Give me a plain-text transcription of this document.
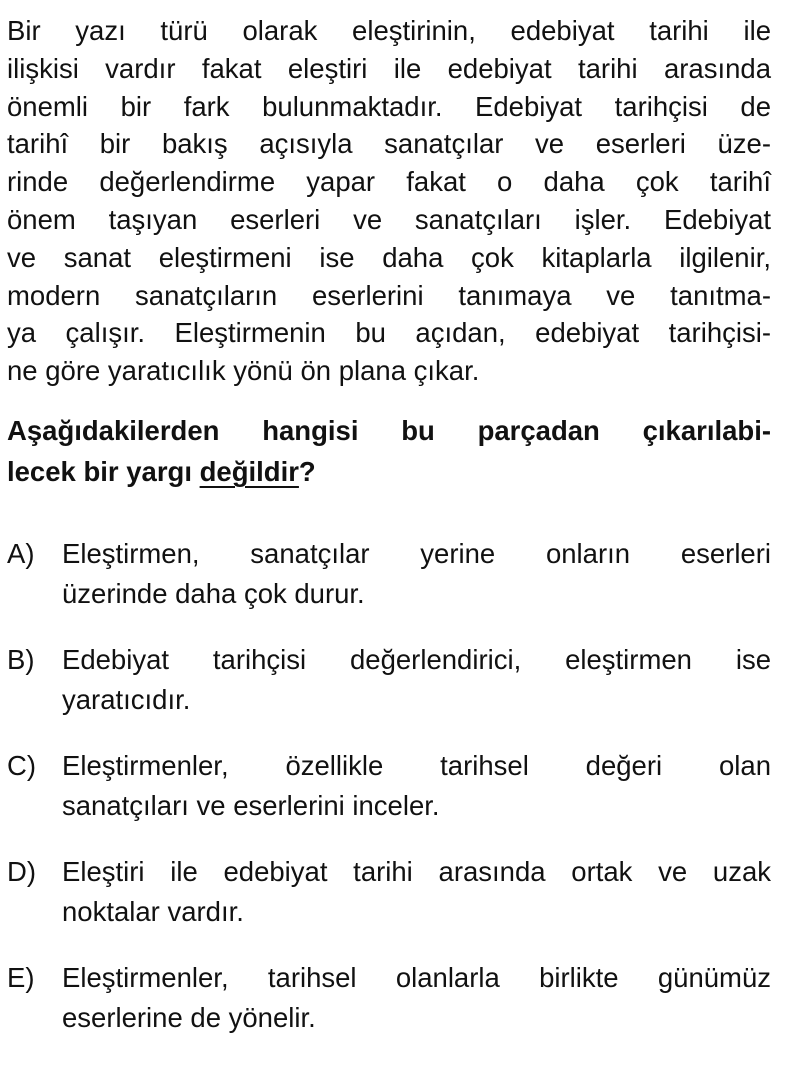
Bir yazı türü olarak eleştirinin, edebiyat tarihi ile
ilişkisi vardır fakat eleştiri ile edebiyat tarihi arasında
önemli bir fark bulunmaktadır. Edebiyat tarihçisi de
tarihî bir bakış açısıyla sanatçılar ve eserleri üze-
rinde değerlendirme yapar fakat o daha çok tarihî
önem taşıyan eserleri ve sanatçıları işler. Edebiyat
ve sanat eleştirmeni ise daha çok kitaplarla ilgilenir,
modern sanatçıların eserlerini tanımaya ve tanıtma-
ya çalışır. Eleştirmenin bu açıdan, edebiyat tarihçisi-
ne göre yaratıcılık yönü ön plana çıkar.
Aşağıdakilerden hangisi bu parçadan çıkarılabi-
lecek bir yargı değildir?
A) Eleştirmen, sanatçılar yerine onların eserleri
üzerinde daha çok durur.
B) Edebiyat tarihçisi değerlendirici, eleştirmen ise
yaratıcıdır.
C) Eleştirmenler, özellikle tarihsel değeri olan
sanatçıları ve eserlerini inceler.
D) Eleştiri ile edebiyat tarihi arasında ortak ve uzak
noktalar vardır.
E) Eleştirmenler, tarihsel olanlarla birlikte günümüz
eserlerine de yönelir.
